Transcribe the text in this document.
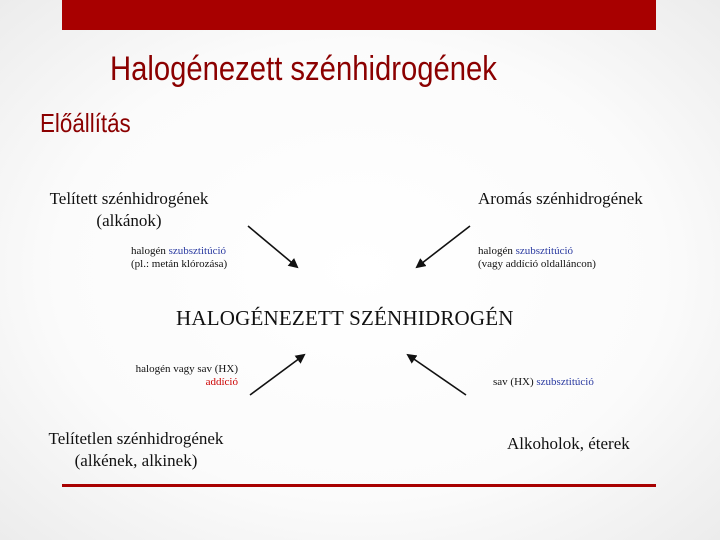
Halogénezett szénhidrogének
Előállítás
Telített szénhidrogének
(alkánok)
halogén szubsztitúció
(pl.: metán klórozása)
Aromás szénhidrogének
halogén szubsztitúció
(vagy addíció oldalláncon)
HALOGÉNEZETT SZÉNHIDROGÉN
halogén vagy sav (HX)
addíció
Telítetlen szénhidrogének
(alkének, alkinek)
sav (HX) szubsztitúció
Alkoholok, éterek
